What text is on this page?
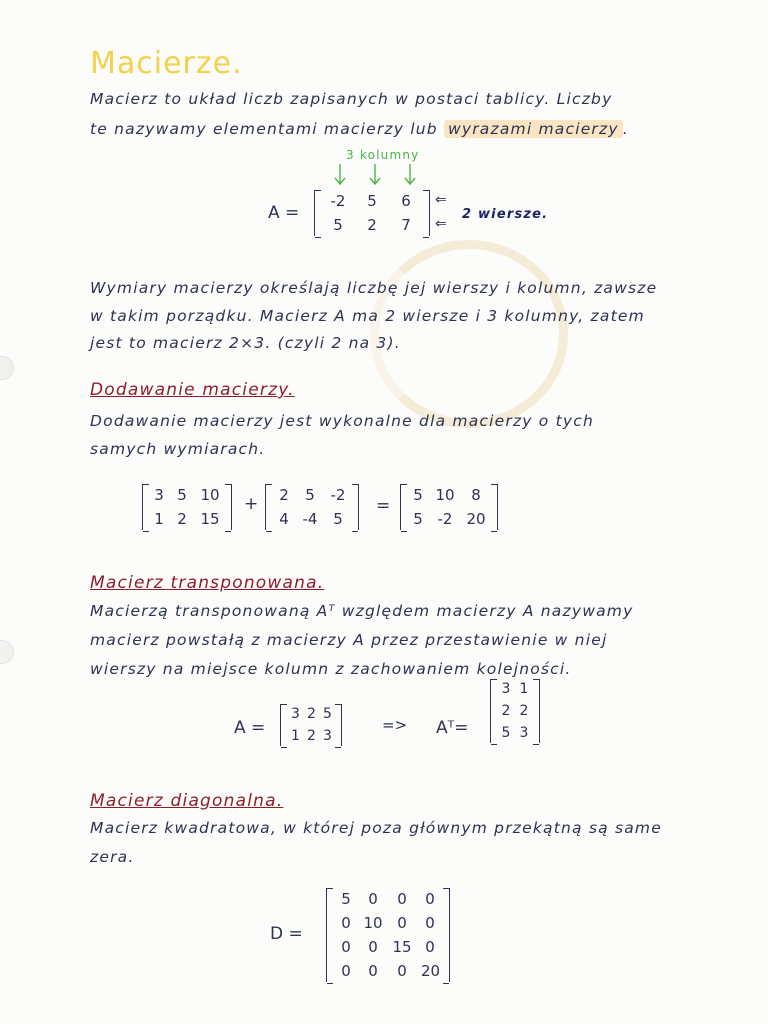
Macierze.
Macierz to układ liczb zapisanych w postaci tablicy. Liczby
te nazywamy elementami macierzy lub wyrazami macierzy .
3 kolumny
A =
-2	5	6
5	2	7
⇐
⇐
2 wiersze.
Wymiary macierzy określają liczbę jej wierszy i kolumn, zawsze
w takim porządku. Macierz A ma 2 wiersze i 3 kolumny, zatem
jest to macierz 2×3. (czyli 2 na 3).
Dodawanie macierzy.
Dodawanie macierzy jest wykonalne dla macierzy o tych
samych wymiarach.
3 5 10
1 2 15
+	2	5	-2
4 -4	5
=
5 10	8
5 -2 20
Macierz transponowana.
Macierzą transponowaną Aᵀ względem macierzy A nazywamy
macierz powstałą z macierzy A przez przestawienie w niej
wierszy na miejsce kolumn z zachowaniem kolejności.
A =
3 2 5
1 2 3
=> Aᵀ=
3 1
2 2
5 3
Macierz diagonalna.
Macierz kwadratowa, w której poza głównym przekątną są same
zera.
D =
5	0	0	0
0 10 0	0
0	0 15 0
0	0	0 20
